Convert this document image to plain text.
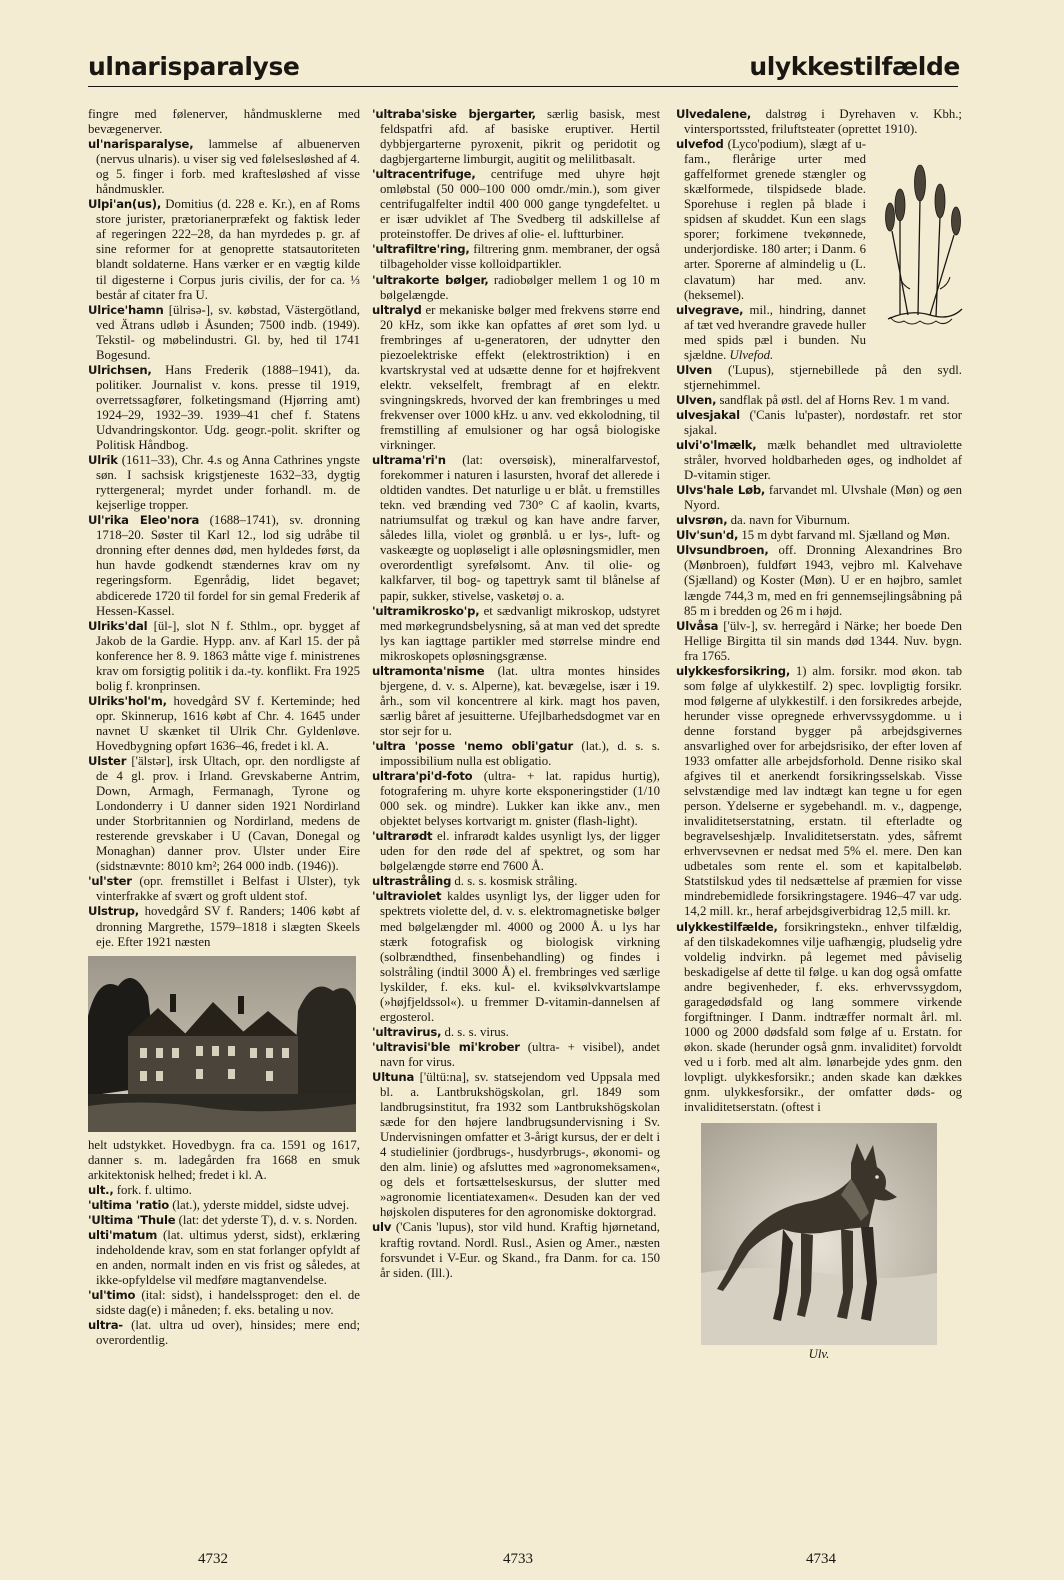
ulnarisparalyse	ulykkestilfælde

fingre med følenerver, håndmusklerne med bevægenerver.

ul'narisparalyse, lammelse af albuenerven (nervus ulnaris). u viser sig ved følelsesløshed af 4. og 5. finger i forb. med kraftesløshed af visse håndmuskler.

Ulpi'an(us), Domitius (d. 228 e. Kr.), en af Roms store jurister, prætorianerpræfekt og faktisk leder af regeringen 222–28, da han myrdedes p. gr. af sine reformer for at genoprette statsautoriteten blandt soldaterne. Hans værker er en vægtig kilde til digesterne i Corpus juris civilis, der for ca. ⅓ består af citater fra U.

Ulrice'hamn [ülrisə-], sv. købstad, Västergötland, ved Ätrans udløb i Åsunden; 7500 indb. (1949). Tekstil- og møbelindustri. Gl. by, hed til 1741 Bogesund.

Ulrichsen, Hans Frederik (1888–1941), da. politiker. Journalist v. kons. presse til 1919, overretssagfører, folketingsmand (Hjørring amt) 1924–29, 1932–39. 1939–41 chef f. Statens Udvandringskontor. Udg. geogr.-polit. skrifter og Politisk Håndbog.

Ulrik (1611–33), Chr. 4.s og Anna Cathrines yngste søn. I sachsisk krigstjeneste 1632–33, dygtig ryttergeneral; myrdet under forhandl. m. de kejserlige tropper.

Ul'rika Eleo'nora (1688–1741), sv. dronning 1718–20. Søster til Karl 12., lod sig udråbe til dronning efter dennes død, men hyldedes først, da hun havde godkendt stændernes krav om ny regeringsform. Egenrådig, lidet begavet; abdicerede 1720 til fordel for sin gemal Frederik af Hessen-Kassel.

Ulriks'dal [ül-], slot N f. Sthlm., opr. bygget af Jakob de la Gardie. Hypp. anv. af Karl 15. der på konference her 8. 9. 1863 måtte vige f. ministrenes krav om forsigtig politik i da.-ty. konflikt. Fra 1925 bolig f. kronprinsen.

Ulriks'hol'm, hovedgård SV f. Kerteminde; hed opr. Skinnerup, 1616 købt af Chr. 4. 1645 under navnet U skænket til Ulrik Chr. Gyldenløve. Hovedbygning opført 1636–46, fredet i kl. A.

Ulster ['älstər], irsk Ultach, opr. den nordligste af de 4 gl. prov. i Irland. Grevskaberne Antrim, Down, Armagh, Fermanagh, Tyrone og Londonderry i U danner siden 1921 Nordirland under Storbritannien og Nordirland, medens de resterende grevskaber i U (Cavan, Donegal og Monaghan) danner prov. Ulster under Eire (sidstnævnte: 8010 km²; 264 000 indb. (1946)).

'ul'ster (opr. fremstillet i Belfast i Ulster), tyk vinterfrakke af svært og groft uldent stof.

Ulstrup, hovedgård SV f. Randers; 1406 købt af dronning Margrethe, 1579–1818 i slægten Skeels eje. Efter 1921 næsten

helt udstykket. Hovedbygn. fra ca. 1591 og 1617, danner s. m. ladegården fra 1668 en smuk arkitektonisk helhed; fredet i kl. A.

ult., fork. f. ultimo.

'ultima 'ratio (lat.), yderste middel, sidste udvej.

'Ultima 'Thule (lat: det yderste T), d. v. s. Norden.

ulti'matum (lat. ultimus yderst, sidst), erklæring indeholdende krav, som en stat forlanger opfyldt af en anden, normalt inden en vis frist og således, at ikke-opfyldelse vil medføre magtanvendelse.

'ul'timo (ital: sidst), i handelssproget: den el. de sidste dag(e) i måneden; f. eks. betaling u nov.

ultra- (lat. ultra ud over), hinsides; mere end; overordentlig.

'ultraba'siske bjergarter, særlig basisk, mest feldspatfri afd. af basiske eruptiver. Hertil dybbjergarterne pyroxenit, pikrit og peridotit og dagbjergarterne limburgit, augitit og melilitbasalt.

'ultracentrifuge, centrifuge med uhyre højt omløbstal (50 000–100 000 omdr./min.), som giver centrifugalfelter indtil 400 000 gange tyngdefeltet. u er især udviklet af The Svedberg til adskillelse af proteinstoffer. De drives af olie- el. luftturbiner.

'ultrafiltre'ring, filtrering gnm. membraner, der også tilbageholder visse kolloidpartikler.

'ultrakorte bølger, radiobølger mellem 1 og 10 m bølgelængde.

ultralyd er mekaniske bølger med frekvens større end 20 kHz, som ikke kan opfattes af øret som lyd. u frembringes af u-generatoren, der udnytter den piezoelektriske effekt (elektrostriktion) i en kvartskrystal ved at udsætte denne for et højfrekvent elektr. vekselfelt, frembragt af en elektr. svingningskreds, hvorved der kan frembringes u med frekvenser over 1000 kHz. u anv. ved ekkolodning, til fremstilling af emulsioner og har også biologiske virkninger.

ultrama'ri'n (lat: oversøisk), mineralfarvestof, forekommer i naturen i lasursten, hvoraf det allerede i oldtiden vandtes. Det naturlige u er blåt. u fremstilles tekn. ved brænding ved 730° C af kaolin, kvarts, natriumsulfat og trækul og kan have andre farver, således lilla, violet og grønblå. u er lys-, luft- og vaskeægte og uopløseligt i alle opløsningsmidler, men overordentligt syrefølsomt. Anv. til olie- og kalkfarver, til bog- og tapettryk samt til blånelse af papir, sukker, stivelse, vasketøj o. a.

'ultramikrosko'p, et sædvanligt mikroskop, udstyret med mørkegrundsbelysning, så at man ved det spredte lys kan iagttage partikler med størrelse mindre end mikroskopets opløsningsgrænse.

ultramonta'nisme (lat. ultra montes hinsides bjergene, d. v. s. Alperne), kat. bevægelse, især i 19. årh., som vil koncentrere al kirk. magt hos paven, særlig båret af jesuitterne. Ufejlbarhedsdogmet var en stor sejr for u.

'ultra 'posse 'nemo obli'gatur (lat.), d. s. s. impossibilium nulla est obligatio.

ultrara'pi'd-foto (ultra- + lat. rapidus hurtig), fotografering m. uhyre korte eksponeringstider (1/10 000 sek. og mindre). Lukker kan ikke anv., men objektet belyses kortvarigt m. gnister (flash-light).

'ultrarødt el. infrarødt kaldes usynligt lys, der ligger uden for den røde del af spektret, og som har bølgelængde større end 7600 Å.

ultrastråling d. s. s. kosmisk stråling.

'ultraviolet kaldes usynligt lys, der ligger uden for spektrets violette del, d. v. s. elektromagnetiske bølger med bølgelængder ml. 4000 og 2000 Å. u lys har stærk fotografisk og biologisk virkning (solbrændthed, finsenbehandling) og findes i solstråling (indtil 3000 Å) el. frembringes ved særlige lyskilder, f. eks. kul- el. kviksølvkvartslampe (»højfjeldssol«). u fremmer D-vitamin-dannelsen af ergosterol.

'ultravirus, d. s. s. virus.

'ultravisi'ble mi'krober (ultra- + visibel), andet navn for virus.

Ultuna ['ültü:na], sv. statsejendom ved Uppsala med bl. a. Lantbrukshögskolan, grl. 1849 som landbrugsinstitut, fra 1932 som Lantbrukshögskolan sæde for den højere landbrugsundervisning i Sv. Undervisningen omfatter et 3-årigt kursus, der er delt i 4 studielinier (jordbrugs-, husdyrbrugs-, økonomi- og den alm. linie) og afsluttes med »agronomeksamen«, og dels et fortsættelseskursus, der slutter med »agronomie licentiatexamen«. Desuden kan der ved højskolen disputeres for den agronomiske doktorgrad.

ulv ('Canis 'lupus), stor vild hund. Kraftig hjørnetand, kraftig rovtand. Nordl. Rusl., Asien og Amer., næsten forsvundet i V-Eur. og Skand., fra Danm. for ca. 150 år siden. (Ill.).

Ulvedalene, dalstrøg i Dyrehaven v. Kbh.; vintersportssted, friluftsteater (oprettet 1910).

ulvefod (Lyco'podium), slægt af u-fam., flerårige urter med gaffelformet grenede stængler og skælformede, tilspidsede blade. Sporehuse i reglen på blade i spidsen af skuddet. Kun een slags sporer; forkimene tvekønnede, underjordiske. 180 arter; i Danm. 6 arter. Sporerne af almindelig u (L. clavatum) har med. anv. (heksemel).

ulvegrave, mil., hindring, dannet af tæt ved hverandre gravede huller med spids pæl i bunden. Nu sjældne. Ulvefod.

Ulven ('Lupus), stjernebillede på den sydl. stjernehimmel.

Ulven, sandflak på østl. del af Horns Rev. 1 m vand.

ulvesjakal ('Canis lu'paster), nordøstafr. ret stor sjakal.

ulvi'o'lmælk, mælk behandlet med ultraviolette stråler, hvorved holdbarheden øges, og indholdet af D-vitamin stiger.

Ulvs'hale Løb, farvandet ml. Ulvshale (Møn) og øen Nyord.

ulvsrøn, da. navn for Viburnum.

Ulv'sun'd, 15 m dybt farvand ml. Sjælland og Møn.

Ulvsundbroen, off. Dronning Alexandrines Bro (Mønbroen), fuldført 1943, vejbro ml. Kalvehave (Sjælland) og Koster (Møn). U er en højbro, samlet længde 744,3 m, med en fri gennemsejlingsåbning på 85 m i bredden og 26 m i højd.

Ulvåsa ['ülv-], sv. herregård i Närke; her boede Den Hellige Birgitta til sin mands død 1344. Nuv. bygn. fra 1765.

ulykkesforsikring, 1) alm. forsikr. mod økon. tab som følge af ulykkestilf. 2) spec. lovpligtig forsikr. mod følgerne af ulykkestilf. i den forsikredes arbejde, herunder visse opregnede erhvervssygdomme. u i denne forstand bygger på arbejdsgivernes ansvarlighed over for arbejdsrisiko, der efter loven af 1933 omfatter alle arbejdsforhold. Denne risiko skal afgives til et anerkendt forsikringsselskab. Visse selvstændige med lav indtægt kan tegne u for egen person. Ydelserne er sygebehandl. m. v., dagpenge, invaliditetserstatning, erstatn. til efterladte og begravelseshjælp. Invaliditetserstatn. ydes, såfremt erhvervsevnen er nedsat med 5% el. mere. Den kan udbetales som rente el. som et kapitalbeløb. Statstilskud ydes til nedsættelse af præmien for visse mindrebemidlede forsikringstagere. 1946–47 var udg. 14,2 mill. kr., heraf arbejdsgiverbidrag 12,5 mill. kr.

ulykkestilfælde, forsikringstekn., enhver tilfældig, af den tilskadekomnes vilje uafhængig, pludselig ydre voldelig indvirkn. på legemet med påviselig beskadigelse af dette til følge. u kan dog også omfatte andre begivenheder, f. eks. erhvervssygdom, garagedødsfald og lang sommere virkende forgiftninger. I Danm. indtræffer normalt årl. ml. 1000 og 2000 dødsfald som følge af u. Erstatn. for økon. skade (herunder også gnm. invaliditet) forvoldt ved u i forb. med alt alm. lønarbejde ydes gnm. den lovpligt. ulykkesforsikr.; anden skade kan dækkes gnm. ulykkesforsikr., der omfatter døds- og invaliditetserstatn. (oftest i

Ulv.
4732	4733	4734
